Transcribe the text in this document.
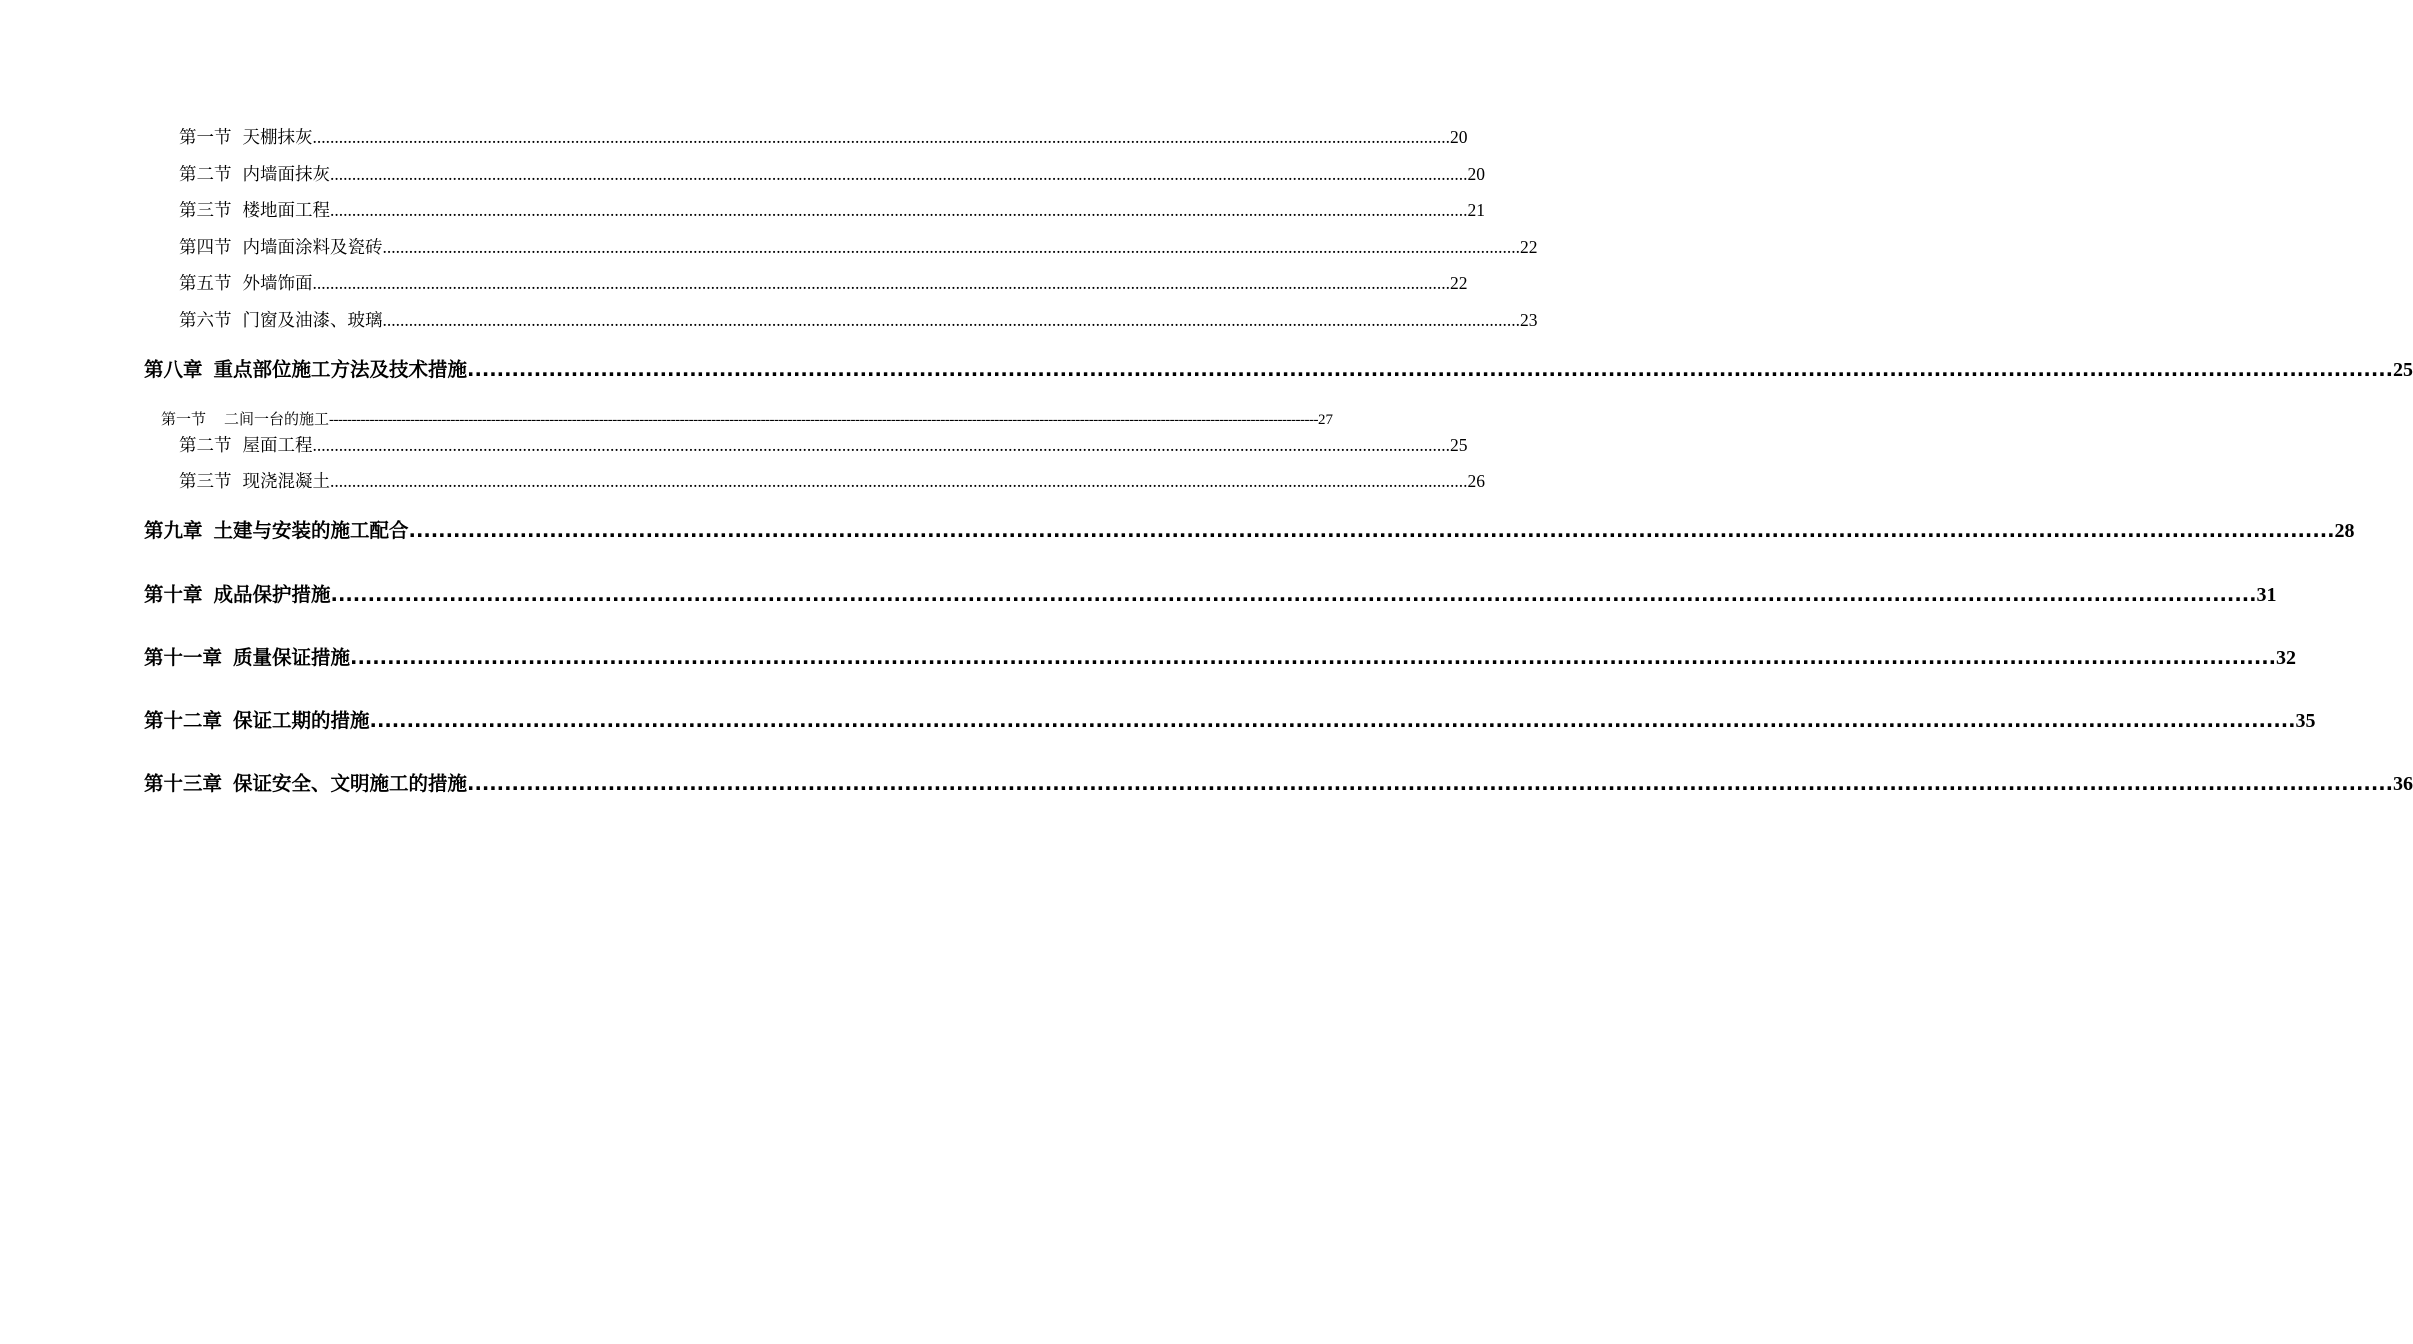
第一节 天棚抹灰 .................................................................................................................................................................................................................................................................... 20
第二节 内墙面抹灰 .................................................................................................................................................................................................................................................................... 20
第三节 楼地面工程 .................................................................................................................................................................................................................................................................... 21
第四节 内墙面涂料及瓷砖 .................................................................................................................................................................................................................................................................... 22
第五节 外墙饰面 .................................................................................................................................................................................................................................................................... 22
第六节 门窗及油漆、玻璃 .................................................................................................................................................................................................................................................................... 23
第八章 重点部位施工方法及技术措施 .................................................................................................................................................................................................................................................................... 25
第一节 二间一台的施工 ---------------------------------------------------------------------------------------------------------------------------------------------------------------------------------------------------------------------------- 27
第二节 屋面工程 .................................................................................................................................................................................................................................................................... 25
第三节 现浇混凝土 .................................................................................................................................................................................................................................................................... 26
第九章 土建与安装的施工配合 .................................................................................................................................................................................................................................................................... 28
第十章 成品保护措施 .................................................................................................................................................................................................................................................................... 31
第十一章 质量保证措施 .................................................................................................................................................................................................................................................................... 32
第十二章 保证工期的措施 .................................................................................................................................................................................................................................................................... 35
第十三章 保证安全、文明施工的措施 .................................................................................................................................................................................................................................................................... 36
